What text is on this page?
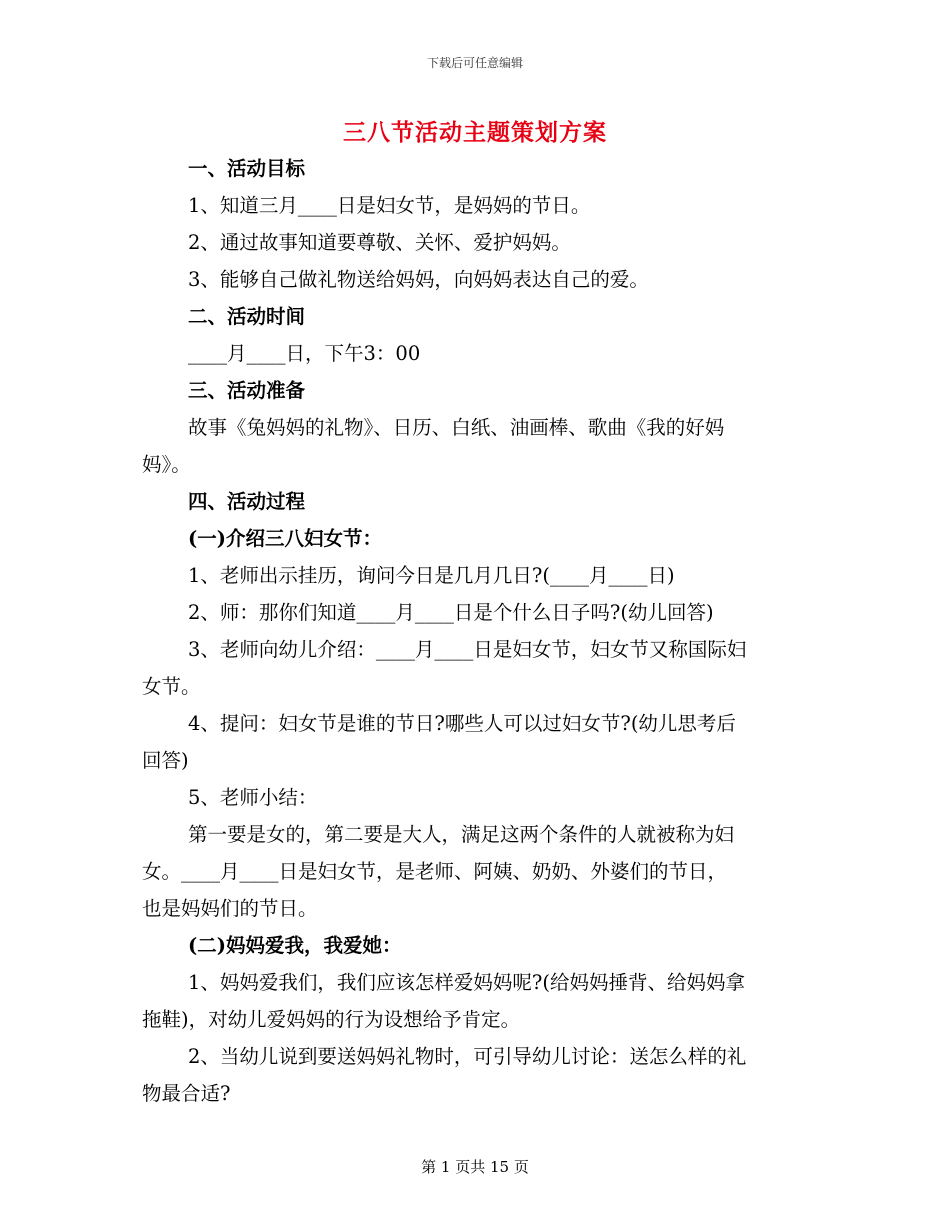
下载后可任意编辑
三八节活动主题策划方案
一、活动目标
1、知道三月____日是妇女节，是妈妈的节日。
2、通过故事知道要尊敬、关怀、爱护妈妈。
3、能够自己做礼物送给妈妈，向妈妈表达自己的爱。
二、活动时间
____月____日，下午3：00
三、活动准备
故事《兔妈妈的礼物》、日历、白纸、油画棒、歌曲《我的好妈
妈》。
四、活动过程
(一)介绍三八妇女节：
1、老师出示挂历，询问今日是几月几日?(____月____日)
2、师：那你们知道____月____日是个什么日子吗?(幼儿回答)
3、老师向幼儿介绍：____月____日是妇女节，妇女节又称国际妇
女节。
4、提问：妇女节是谁的节日?哪些人可以过妇女节?(幼儿思考后
回答)
5、老师小结：
第一要是女的，第二要是大人，满足这两个条件的人就被称为妇
女。____月____日是妇女节，是老师、阿姨、奶奶、外婆们的节日，
也是妈妈们的节日。
(二)妈妈爱我，我爱她：
1、妈妈爱我们，我们应该怎样爱妈妈呢?(给妈妈捶背、给妈妈拿
拖鞋)，对幼儿爱妈妈的行为设想给予肯定。
2、当幼儿说到要送妈妈礼物时，可引导幼儿讨论：送怎么样的礼
物最合适?
第 1 页共 15 页
